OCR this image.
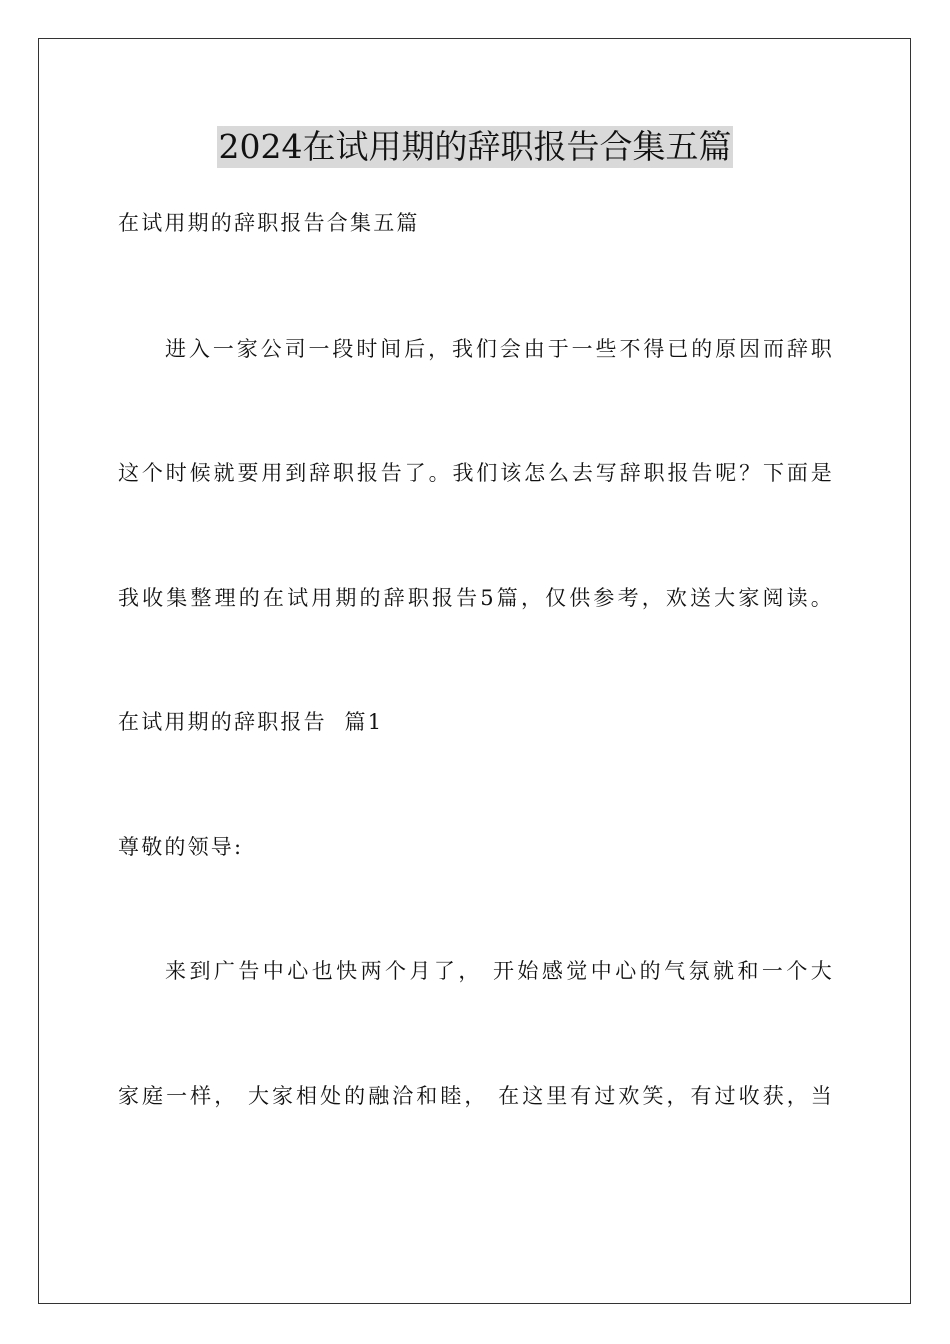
2024在试用期的辞职报告合集五篇
在试用期的辞职报告合集五篇
进入一家公司一段时间后，我们会由于一些不得已的原因而辞职
这个时候就要用到辞职报告了。我们该怎么去写辞职报告呢？下面是
我收集整理的在试用期的辞职报告5篇，仅供参考，欢送大家阅读。
在试用期的辞职报告  篇1
尊敬的领导:
来到广告中心也快两个月了， 开始感觉中心的气氛就和一个大
家庭一样， 大家相处的融洽和睦， 在这里有过欢笑，有过收获，当
